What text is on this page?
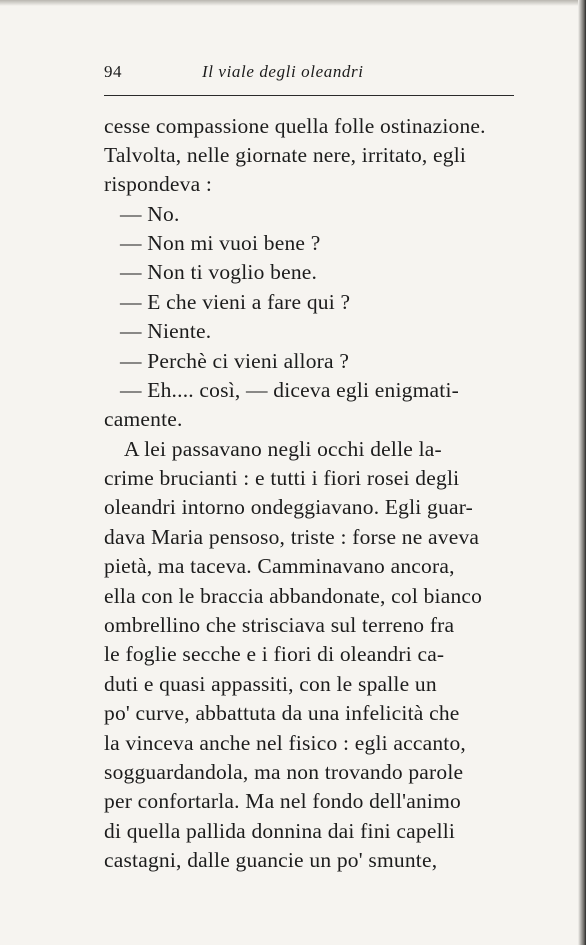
94	Il viale degli oleandri
cesse compassione quella folle ostinazione.
Talvolta, nelle giornate nere, irritato, egli
rispondeva :
— No.
— Non mi vuoi bene ?
— Non ti voglio bene.
— E che vieni a fare qui ?
— Niente.
— Perchè ci vieni allora ?
— Eh.... così, — diceva egli enigmati-
camente.
A lei passavano negli occhi delle la-
crime brucianti : e tutti i fiori rosei degli
oleandri intorno ondeggiavano. Egli guar-
dava Maria pensoso, triste : forse ne aveva
pietà, ma taceva. Camminavano ancora,
ella con le braccia abbandonate, col bianco
ombrellino che strisciava sul terreno fra
le foglie secche e i fiori di oleandri ca-
duti e quasi appassiti, con le spalle un
po' curve, abbattuta da una infelicità che
la vinceva anche nel fisico : egli accanto,
sogguardandola, ma non trovando parole
per confortarla. Ma nel fondo dell'animo
di quella pallida donnina dai fini capelli
castagni, dalle guancie un po' smunte,
